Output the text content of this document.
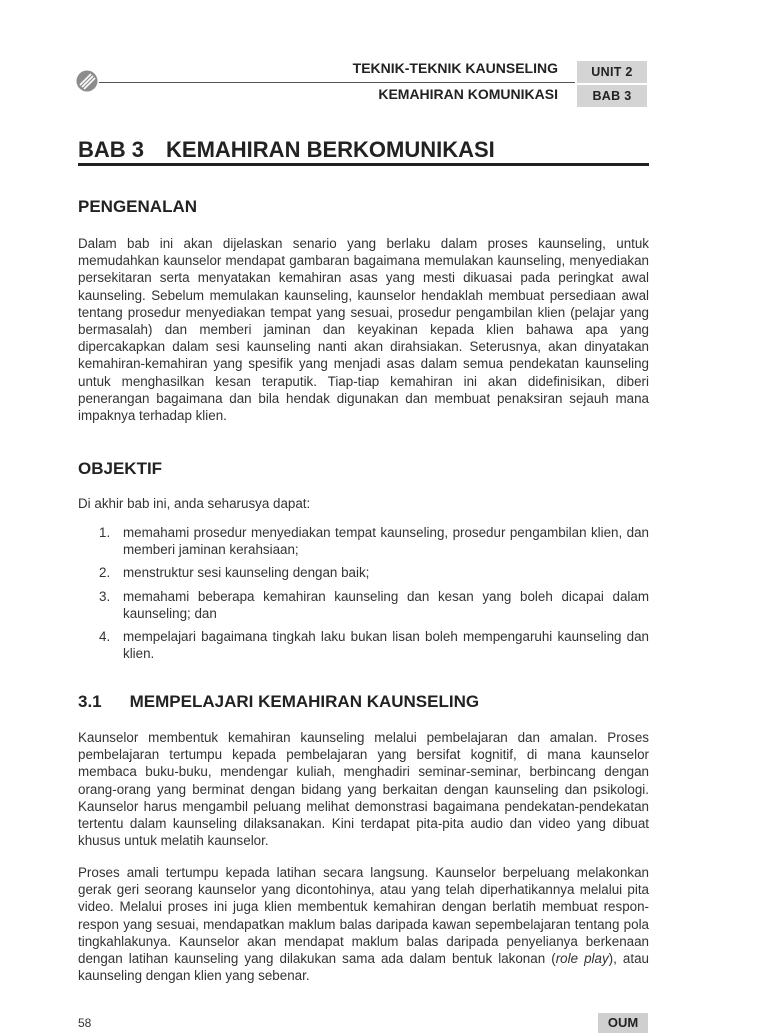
TEKNIK-TEKNIK KAUNSELING
KEMAHIRAN KOMUNIKASI
UNIT 2
BAB 3
BAB 3 KEMAHIRAN BERKOMUNIKASI
PENGENALAN

Dalam bab ini akan dijelaskan senario yang berlaku dalam proses kaunseling, untuk memudahkan kaunselor mendapat gambaran bagaimana memulakan kaunseling, menyediakan persekitaran serta menyatakan kemahiran asas yang mesti dikuasai pada peringkat awal kaunseling. Sebelum memulakan kaunseling, kaunselor hendaklah membuat persediaan awal tentang prosedur menyediakan tempat yang sesuai, prosedur pengambilan klien (pelajar yang bermasalah) dan memberi jaminan dan keyakinan kepada klien bahawa apa yang dipercakapkan dalam sesi kaunseling nanti akan dirahsiakan. Seterusnya, akan dinyatakan kemahiran-kemahiran yang spesifik yang menjadi asas dalam semua pendekatan kaunseling untuk menghasilkan kesan teraputik. Tiap-tiap kemahiran ini akan didefinisikan, diberi penerangan bagaimana dan bila hendak digunakan dan membuat penaksiran sejauh mana impaknya terhadap klien.

OBJEKTIF

Di akhir bab ini, anda seharusya dapat:

1. memahami prosedur menyediakan tempat kaunseling, prosedur pengambilan klien, dan memberi jaminan kerahsiaan;
2. menstruktur sesi kaunseling dengan baik;
3. memahami beberapa kemahiran kaunseling dan kesan yang boleh dicapai dalam kaunseling; dan
4. mempelajari bagaimana tingkah laku bukan lisan boleh mempengaruhi kaunseling dan klien.
3.1 MEMPELAJARI KEMAHIRAN KAUNSELING

Kaunselor membentuk kemahiran kaunseling melalui pembelajaran dan amalan. Proses pembelajaran tertumpu kepada pembelajaran yang bersifat kognitif, di mana kaunselor membaca buku-buku, mendengar kuliah, menghadiri seminar-seminar, berbincang dengan orang-orang yang berminat dengan bidang yang berkaitan dengan kaunseling dan psikologi. Kaunselor harus mengambil peluang melihat demonstrasi bagaimana pendekatan-pendekatan tertentu dalam kaunseling dilaksanakan. Kini terdapat pita-pita audio dan video yang dibuat khusus untuk melatih kaunselor.

Proses amali tertumpu kepada latihan secara langsung. Kaunselor berpeluang melakonkan gerak geri seorang kaunselor yang dicontohinya, atau yang telah diperhatikannya melalui pita video. Melalui proses ini juga klien membentuk kemahiran dengan berlatih membuat respon-respon yang sesuai, mendapatkan maklum balas daripada kawan sepembelajaran tentang pola tingkahlakunya. Kaunselor akan mendapat maklum balas daripada penyelianya berkenaan dengan latihan kaunseling yang dilakukan sama ada dalam bentuk lakonan (role play), atau kaunseling dengan klien yang sebenar.

58	OUM
